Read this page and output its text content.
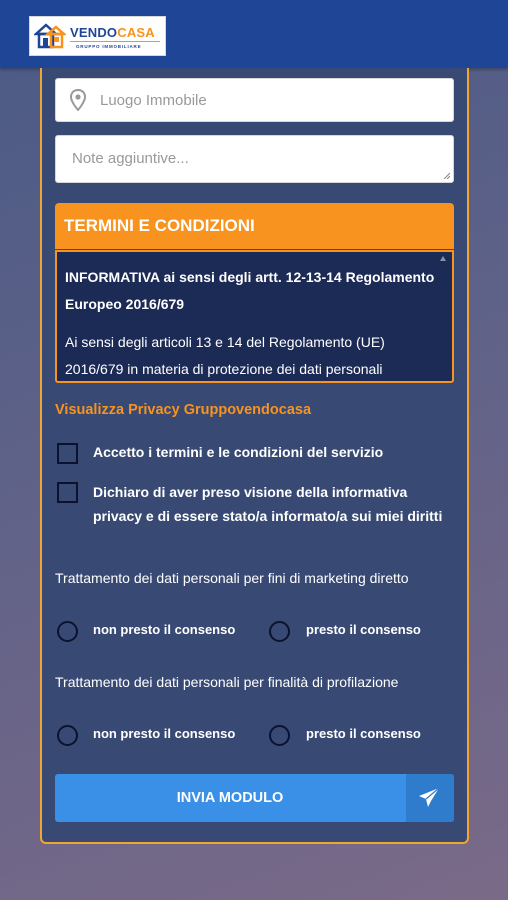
VENDOCASA
GRUPPO IMMOBILIARE
Luogo Immobile
Note aggiuntive...
TERMINI E CONDIZIONI
INFORMATIVA ai sensi degli artt. 12-13-14 Regolamento Europeo 2016/679
Ai sensi degli articoli 13 e 14 del Regolamento (UE) 2016/679 in materia di protezione dei dati personali
Visualizza Privacy Gruppovendocasa
Accetto i termini e le condizioni del servizio
Dichiaro di aver preso visione della informativa privacy e di essere stato/a informato/a sui miei diritti
Trattamento dei dati personali per fini di marketing diretto
non presto il consenso	presto il consenso
Trattamento dei dati personali per finalità di profilazione
non presto il consenso	presto il consenso
INVIA MODULO
